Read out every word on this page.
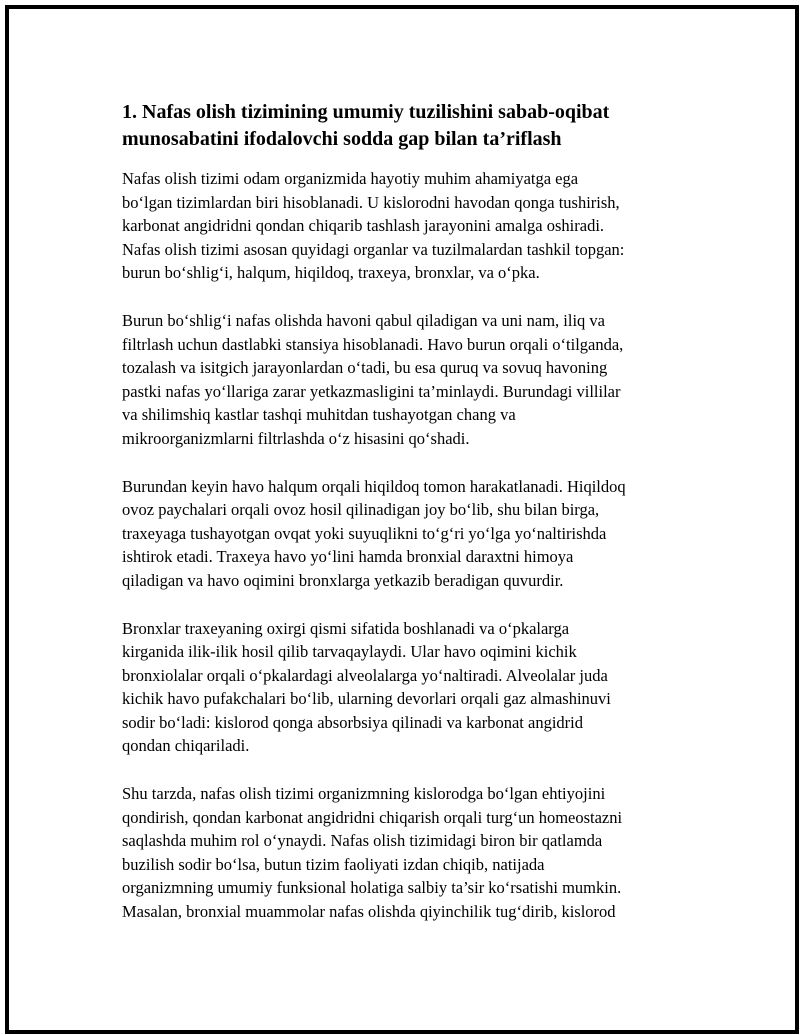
1. Nafas olish tizimining umumiy tuzilishini sabab-oqibat
munosabatini ifodalovchi sodda gap bilan ta’riflash
Nafas olish tizimi odam organizmida hayotiy muhim ahamiyatga ega
bo‘lgan tizimlardan biri hisoblanadi. U kislorodni havodan qonga tushirish,
karbonat angidridni qondan chiqarib tashlash jarayonini amalga oshiradi.
Nafas olish tizimi asosan quyidagi organlar va tuzilmalardan tashkil topgan:
burun bo‘shlig‘i, halqum, hiqildoq, traxeya, bronxlar, va o‘pka.
Burun bo‘shlig‘i nafas olishda havoni qabul qiladigan va uni nam, iliq va
filtrlash uchun dastlabki stansiya hisoblanadi. Havo burun orqali o‘tilganda,
tozalash va isitgich jarayonlardan o‘tadi, bu esa quruq va sovuq havoning
pastki nafas yo‘llariga zarar yetkazmasligini ta’minlaydi. Burundagi villilar
va shilimshiq kastlar tashqi muhitdan tushayotgan chang va
mikroorganizmlarni filtrlashda o‘z hisasini qo‘shadi.
Burundan keyin havo halqum orqali hiqildoq tomon harakatlanadi. Hiqildoq
ovoz paychalari orqali ovoz hosil qilinadigan joy bo‘lib, shu bilan birga,
traxeyaga tushayotgan ovqat yoki suyuqlikni to‘g‘ri yo‘lga yo‘naltirishda
ishtirok etadi. Traxeya havo yo‘lini hamda bronxial daraxtni himoya
qiladigan va havo oqimini bronxlarga yetkazib beradigan quvurdir.
Bronxlar traxeyaning oxirgi qismi sifatida boshlanadi va o‘pkalarga
kirganida ilik-ilik hosil qilib tarvaqaylaydi. Ular havo oqimini kichik
bronxiolalar orqali o‘pkalardagi alveolalarga yo‘naltiradi. Alveolalar juda
kichik havo pufakchalari bo‘lib, ularning devorlari orqali gaz almashinuvi
sodir bo‘ladi: kislorod qonga absorbsiya qilinadi va karbonat angidrid
qondan chiqariladi.
Shu tarzda, nafas olish tizimi organizmning kislorodga bo‘lgan ehtiyojini
qondirish, qondan karbonat angidridni chiqarish orqali turg‘un homeostazni
saqlashda muhim rol o‘ynaydi. Nafas olish tizimidagi biron bir qatlamda
buzilish sodir bo‘lsa, butun tizim faoliyati izdan chiqib, natijada
organizmning umumiy funksional holatiga salbiy ta’sir ko‘rsatishi mumkin.
Masalan, bronxial muammolar nafas olishda qiyinchilik tug‘dirib, kislorod
